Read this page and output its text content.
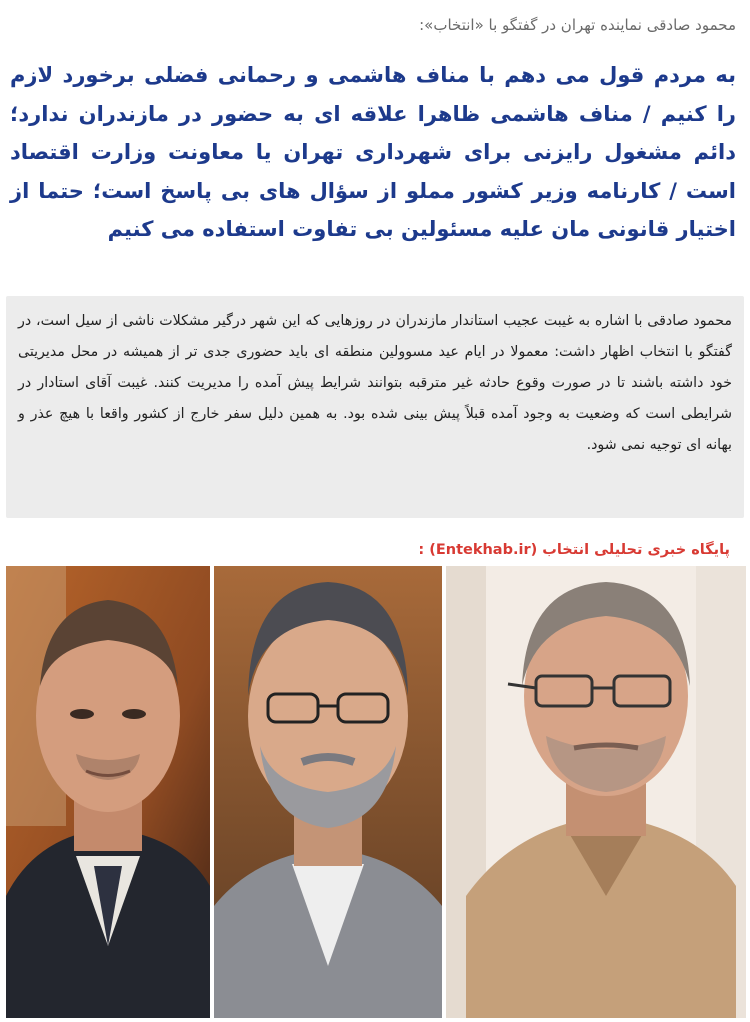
محمود صادقی نماینده تهران در گفتگو با «انتخاب»:
به مردم قول می دهم با مناف هاشمی و رحمانی فضلی برخورد لازم را کنیم / مناف هاشمی ظاهرا علاقه ای به حضور در مازندران ندارد؛ دائم مشغول رایزنی برای شهرداری تهران یا معاونت وزارت اقتصاد است / کارنامه وزیر کشور مملو از سؤال های بی پاسخ است؛ حتما از اختیار قانونی مان علیه مسئولین بی تفاوت استفاده می کنیم

محمود صادقی با اشاره به غیبت عجیب استاندار مازندران در روزهایی که این شهر درگیر مشکلات ناشی از سیل است، در گفتگو با انتخاب اظهار داشت: معمولا در ایام عید مسوولین منطقه ای باید حضوری جدی تر از همیشه در محل مدیریتی خود داشته باشند تا در صورت وقوع حادثه غیر مترقبه بتوانند شرایط پیش آمده را مدیریت کنند. غیبت آقای استادار در شرایطی است که وضعیت به وجود آمده قبلاً پیش بینی شده بود. به همین دلیل سفر خارج از کشور واقعا با هیچ عذر و بهانه ای توجیه نمی شود.

پایگاه خبری تحلیلی انتخاب (Entekhab.ir) :
